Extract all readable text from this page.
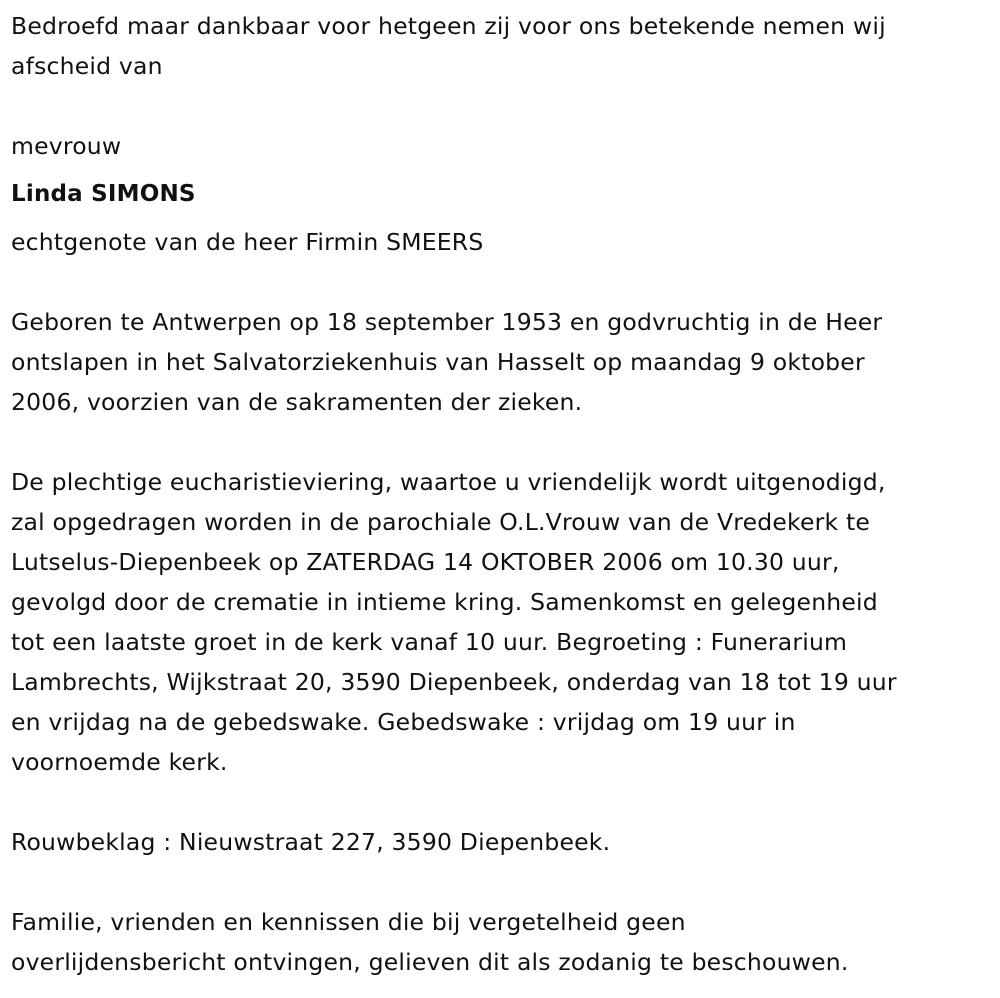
Bedroefd maar dankbaar voor hetgeen zij voor ons betekende nemen wij

afscheid van

mevrouw

Linda SIMONS

echtgenote van de heer Firmin SMEERS

Geboren te Antwerpen op 18 september 1953 en godvruchtig in de Heer

ontslapen in het Salvatorziekenhuis van Hasselt op maandag 9 oktober

2006, voorzien van de sakramenten der zieken.

De plechtige eucharistieviering, waartoe u vriendelijk wordt uitgenodigd,

zal opgedragen worden in de parochiale O.L.Vrouw van de Vredekerk te

Lutselus-Diepenbeek op ZATERDAG 14 OKTOBER 2006 om 10.30 uur,

gevolgd door de crematie in intieme kring. Samenkomst en gelegenheid

tot een laatste groet in de kerk vanaf 10 uur. Begroeting : Funerarium

Lambrechts, Wijkstraat 20, 3590 Diepenbeek, onderdag van 18 tot 19 uur

en vrijdag na de gebedswake. Gebedswake : vrijdag om 19 uur in

voornoemde kerk.

Rouwbeklag : Nieuwstraat 227, 3590 Diepenbeek.

Familie, vrienden en kennissen die bij vergetelheid geen

overlijdensbericht ontvingen, gelieven dit als zodanig te beschouwen.
